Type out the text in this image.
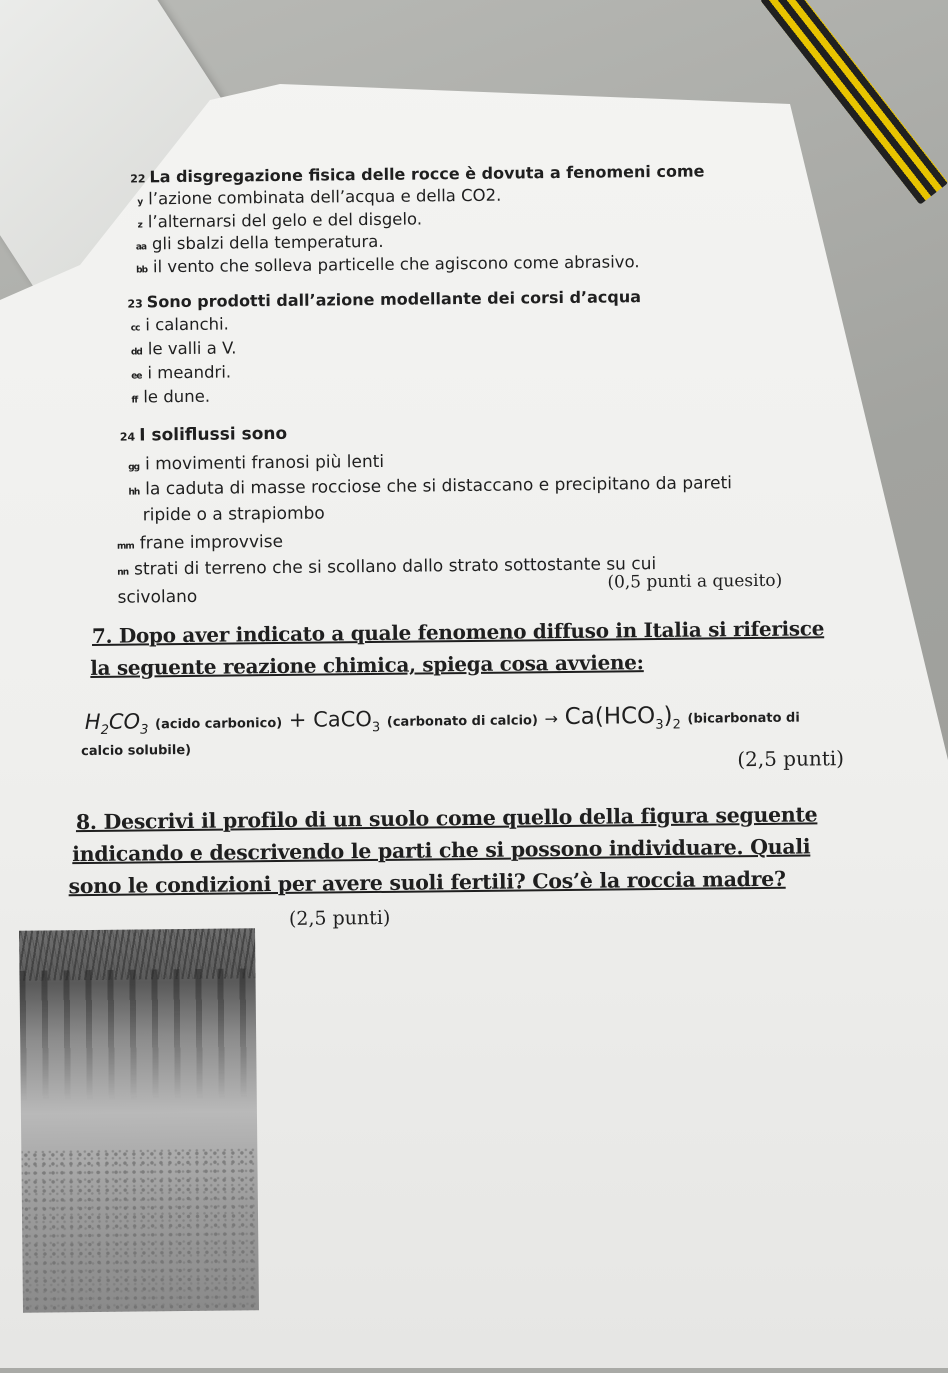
22 La disgregazione fisica delle rocce è dovuta a fenomeni come
y l’azione combinata dell’acqua e della CO2.
z l’alternarsi del gelo e del disgelo.
aa gli sbalzi della temperatura.
bb il vento che solleva particelle che agiscono come abrasivo.
23 Sono prodotti dall’azione modellante dei corsi d’acqua
cc i calanchi.
dd le valli a V.
ee i meandri.
ff le dune.
24 I soliflussi sono
gg i movimenti franosi più lenti
hh la caduta di masse rocciose che si distaccano e precipitano da pareti
ripide o a strapiombo
mm frane improvvise
nn strati di terreno che si scollano dallo strato sottostante su cui
scivolano
(0,5 punti a quesito)
7. Dopo aver indicato a quale fenomeno diffuso in Italia si riferisce
la seguente reazione chimica, spiega cosa avviene:
$H_2CO_3$ (acido carbonico) + CaCO$_3$ (carbonato di calcio) → $Ca(HCO_3)_2$ (bicarbonato di
calcio solubile)	(2,5 punti)
8. Descrivi il profilo di un suolo come quello della figura seguente
indicando e descrivendo le parti che si possono individuare. Quali
sono le condizioni per avere suoli fertili? Cos’è la roccia madre?
(2,5 punti)
